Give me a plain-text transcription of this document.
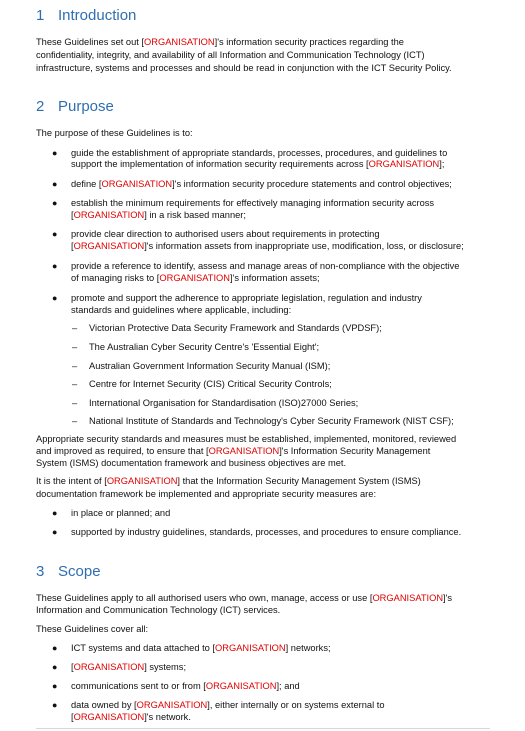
1 Introduction
These Guidelines set out [ORGANISATION]'s information security practices regarding the
confidentiality, integrity, and availability of all Information and Communication Technology (ICT)
infrastructure, systems and processes and should be read in conjunction with the ICT Security Policy.
2 Purpose
The purpose of these Guidelines is to:
● guide the establishment of appropriate standards, processes, procedures, and guidelines to
support the implementation of information security requirements across [ORGANISATION];
● define [ORGANISATION]'s information security procedure statements and control objectives;
● establish the minimum requirements for effectively managing information security across
[ORGANISATION] in a risk based manner;
● provide clear direction to authorised users about requirements in protecting
[ORGANISATION]'s information assets from inappropriate use, modification, loss, or disclosure;
● provide a reference to identify, assess and manage areas of non-compliance with the objective
of managing risks to [ORGANISATION]'s information assets;
● promote and support the adherence to appropriate legislation, regulation and industry
standards and guidelines where applicable, including:
– Victorian Protective Data Security Framework and Standards (VPDSF);
– The Australian Cyber Security Centre's 'Essential Eight';
– Australian Government Information Security Manual (ISM);
– Centre for Internet Security (CIS) Critical Security Controls;
– International Organisation for Standardisation (ISO)27000 Series;
– National Institute of Standards and Technology's Cyber Security Framework (NIST CSF);
Appropriate security standards and measures must be established, implemented, monitored, reviewed
and improved as required, to ensure that [ORGANISATION]'s Information Security Management
System (ISMS) documentation framework and business objectives are met.
It is the intent of [ORGANISATION] that the Information Security Management System (ISMS)
documentation framework be implemented and appropriate security measures are:
● in place or planned; and
● supported by industry guidelines, standards, processes, and procedures to ensure compliance.
3 Scope
These Guidelines apply to all authorised users who own, manage, access or use [ORGANISATION]'s
Information and Communication Technology (ICT) services.
These Guidelines cover all:
● ICT systems and data attached to [ORGANISATION] networks;
● [ORGANISATION] systems;
● communications sent to or from [ORGANISATION]; and
● data owned by [ORGANISATION], either internally or on systems external to
[ORGANISATION]'s network.
